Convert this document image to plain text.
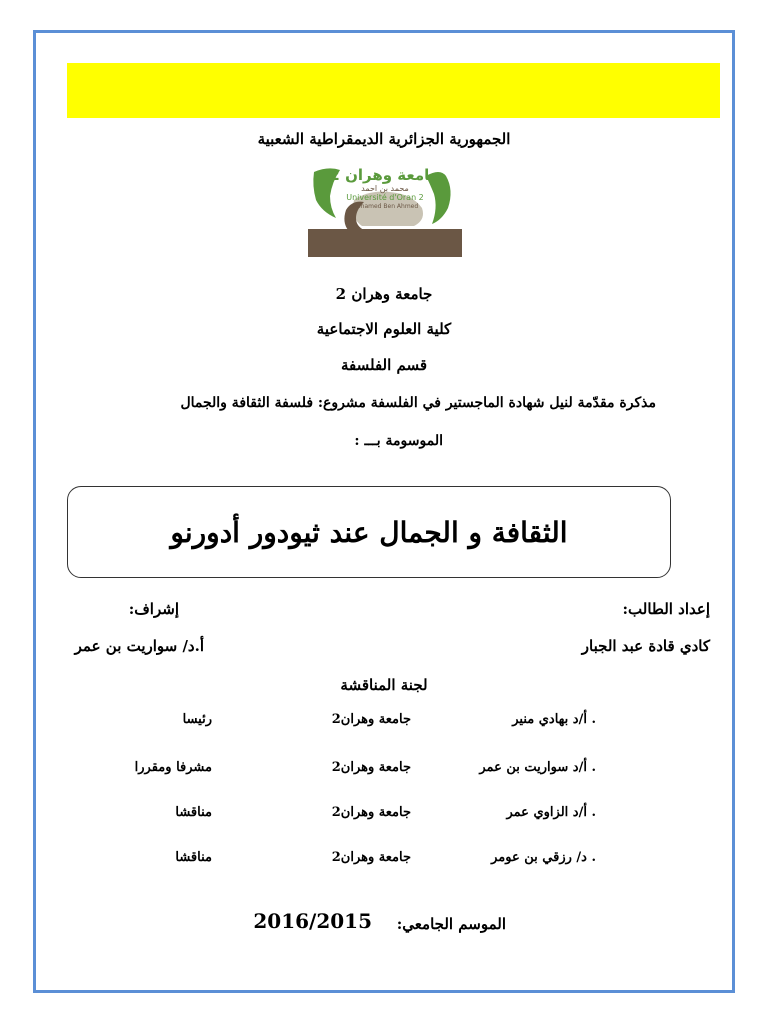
الجمهورية الجزائرية الديمقراطية الشعبية
جامعة وهران 2
محمد بن احمد
Université d'Oran 2
Mohamed Ben Ahmed
جامعة وهران 2
كلية العلوم الاجتماعية
قسم الفلسفة
مذكرة مقدّمة لنيل شهادة الماجستير في الفلسفة مشروع: فلسفة الثقافة والجمال
الموسومة بـــ :
الثقافة و الجمال عند ثيودور أدورنو
إعداد الطالب:
إشراف:
كادي قادة عبد الجبار
أ.د/ سواريت بن عمر
لجنة المناقشة
. أ/د بهادي منير
جامعة وهران2
رئيسا
. أ/د سواريت بن عمر
جامعة وهران2
مشرفا ومقررا
. أ/د الزاوي عمر
جامعة وهران2
مناقشا
. د/ رزقي بن عومر
جامعة وهران2
مناقشا
الموسم الجامعي:
2016/2015
